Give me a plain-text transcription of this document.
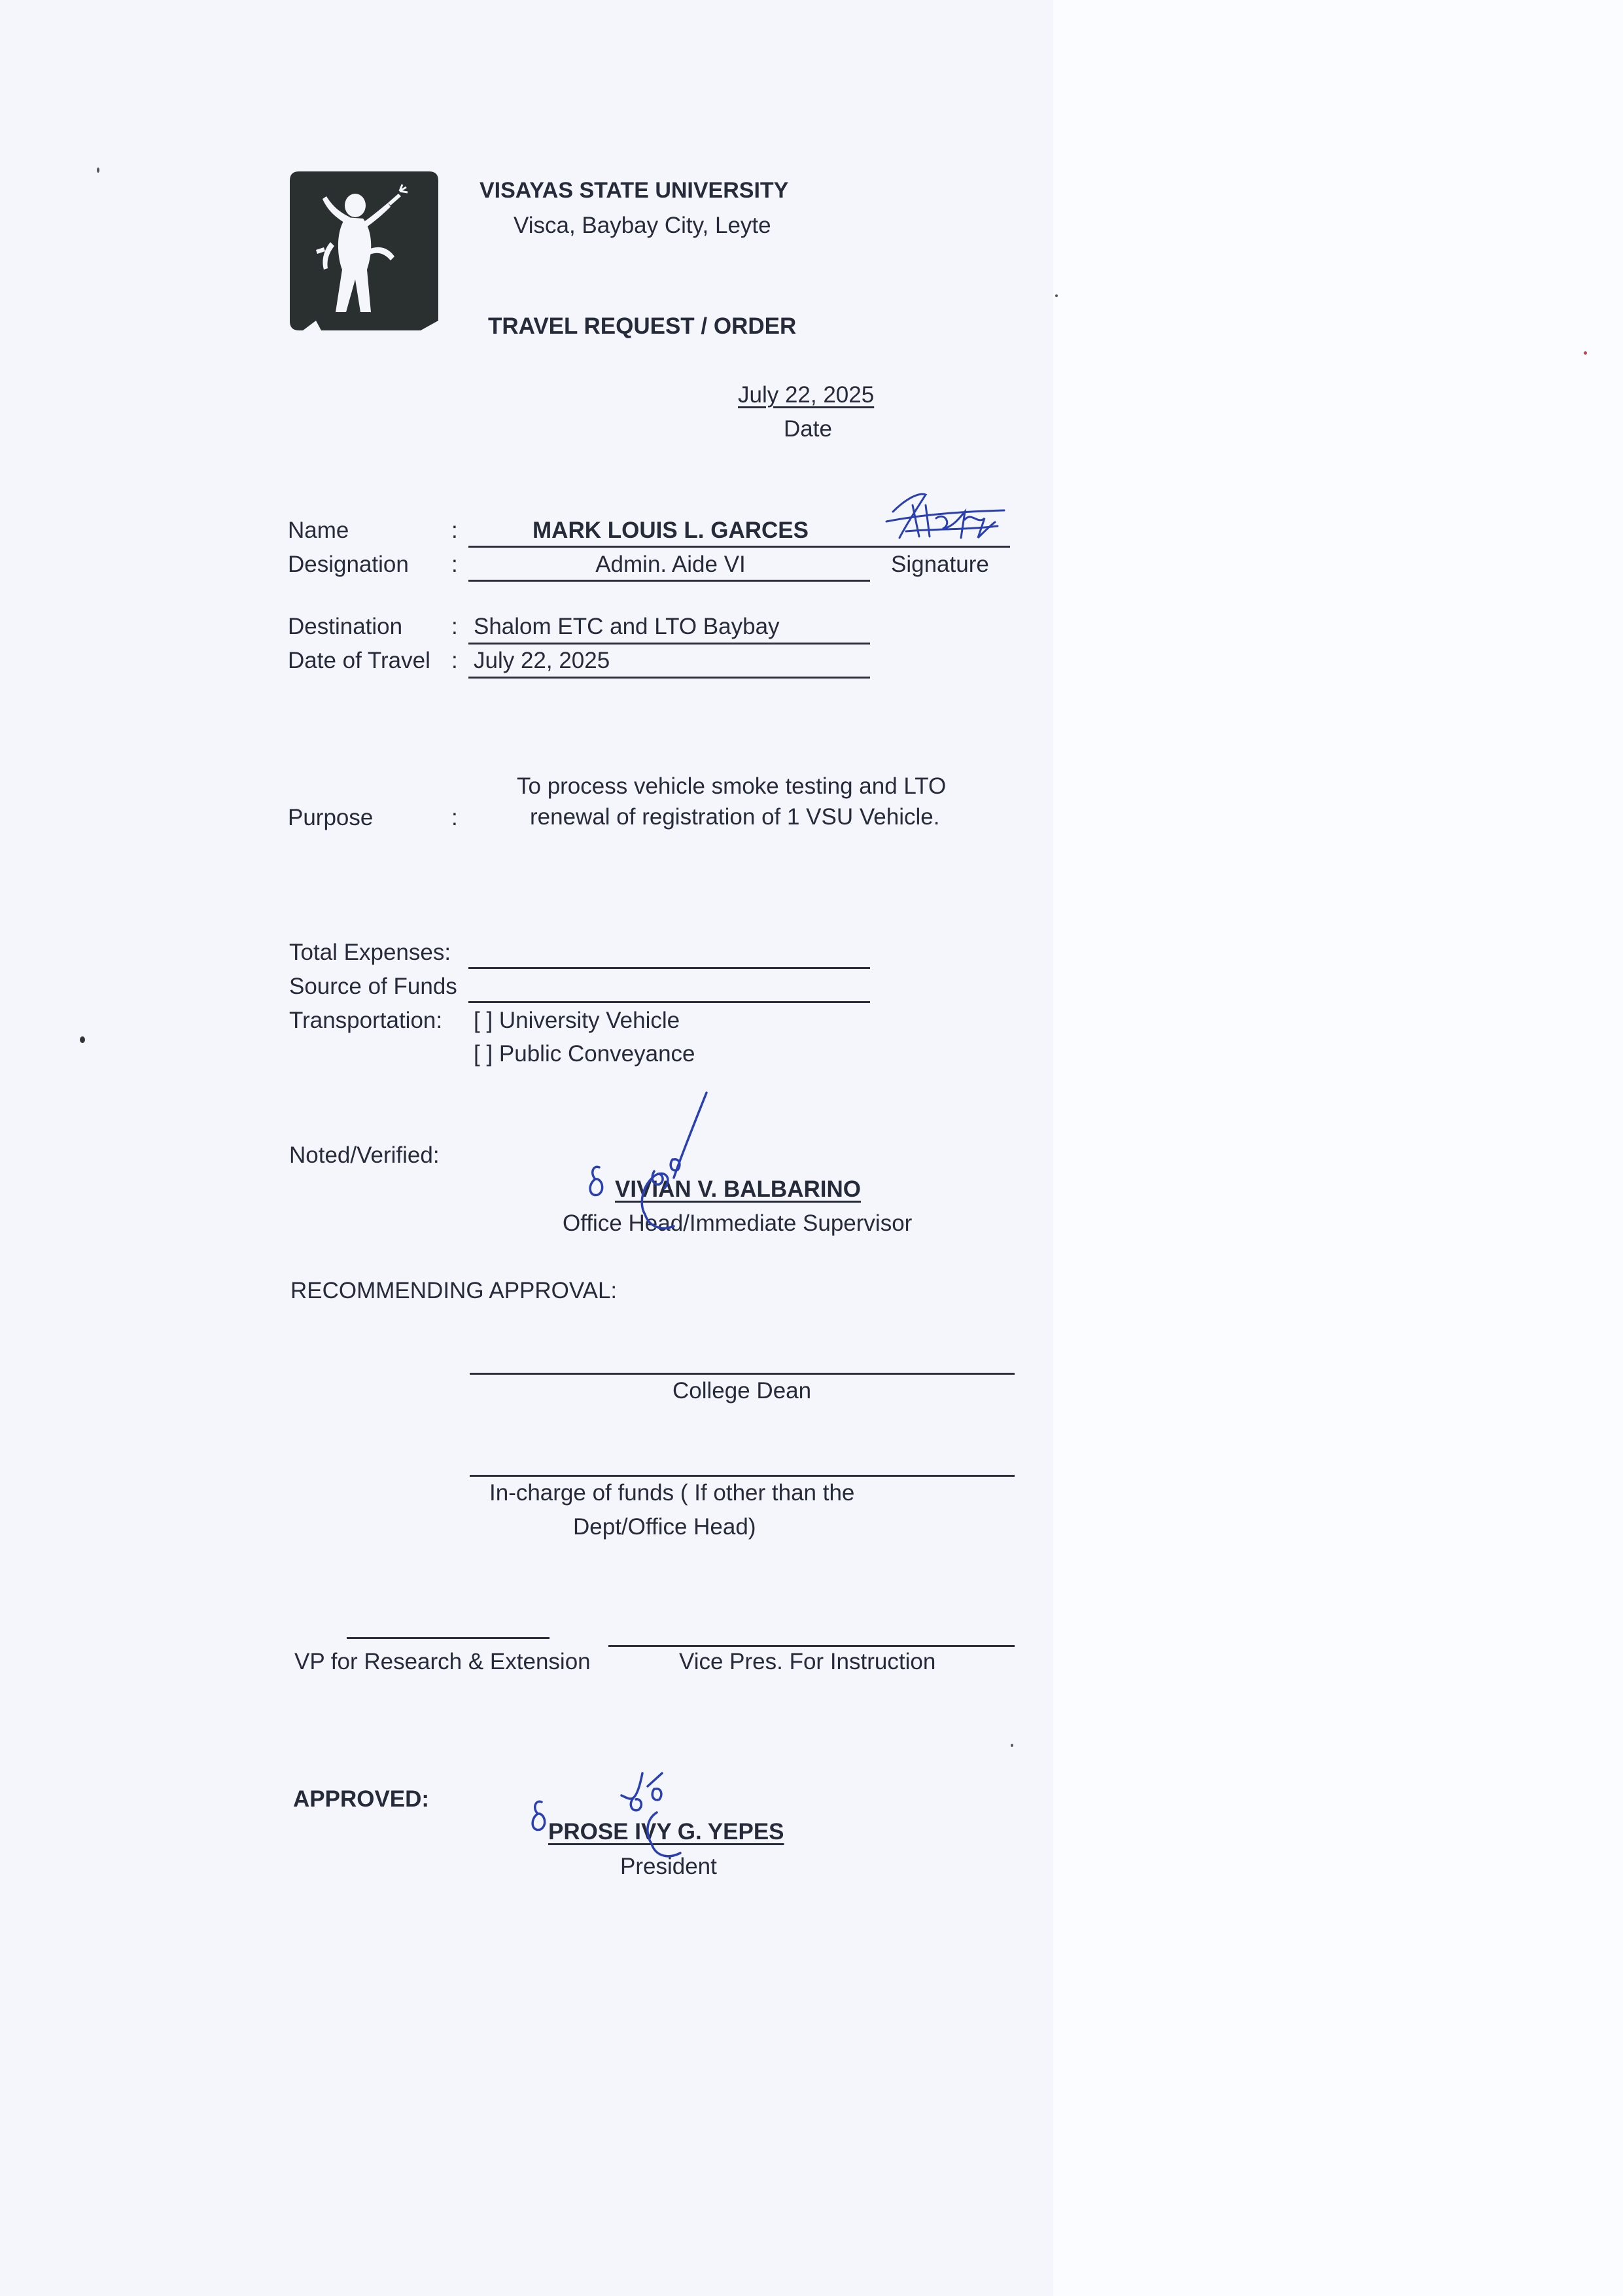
VISAYAS STATE UNIVERSITY
Visca, Baybay City, Leyte
TRAVEL REQUEST / ORDER
July 22, 2025
Date
Name	:	MARK LOUIS L. GARCES
Designation :	Admin. Aide VI	Signature
Destination : Shalom ETC and LTO Baybay
Date of Travel : July 22, 2025
Purpose	:
To process vehicle smoke testing and LTO
renewal of registration of 1 VSU Vehicle.
Total Expenses:
Source of Funds
Transportation: [ ] University Vehicle
[ ] Public Conveyance
Noted/Verified:
VIVIAN V. BALBARINO
Office Head/Immediate Supervisor
RECOMMENDING APPROVAL:
College Dean
In-charge of funds ( If other than the
Dept/Office Head)
VP for Research & Extension	Vice Pres. For Instruction
APPROVED:
PROSE IVY G. YEPES
President
